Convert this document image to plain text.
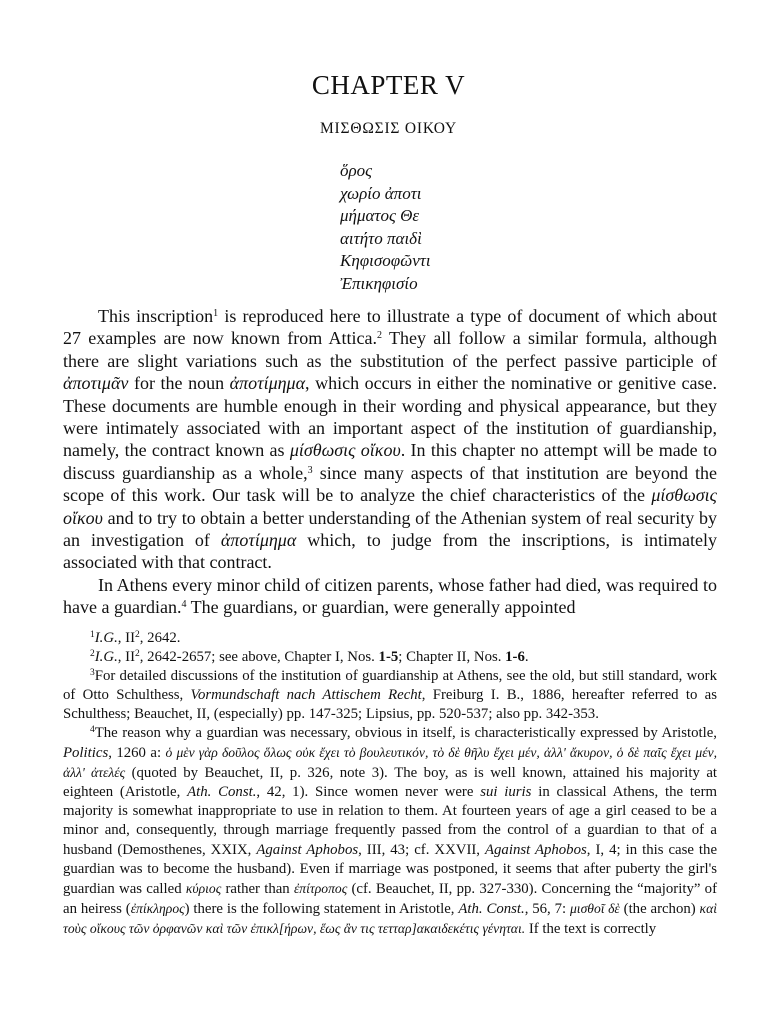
CHAPTER V
ΜΙΣΘΩΣΙΣ ΟΙΚΟΥ
ὅρος
χωρίο ἀποτι
μήματος Θε
αιτήτο παιδὶ
Κηφισοφῶντι
Ἐπικηφισίο

This inscription$^1$ is reproduced here to illustrate a type of document of which about 27 examples are now known from Attica.$^2$ They all follow a similar formula, although there are slight variations such as the substitution of the perfect passive participle of ἀποτιμᾶν for the noun ἀποτίμημα, which occurs in either the nominative or genitive case. These documents are humble enough in their wording and physical appearance, but they were intimately associated with an important aspect of the institution of guardianship, namely, the contract known as μίσθωσις οἴκου. In this chapter no attempt will be made to discuss guardianship as a whole,$^3$ since many aspects of that institution are beyond the scope of this work. Our task will be to analyze the chief characteristics of the μίσθωσις οἴκου and to try to obtain a better understanding of the Athenian system of real security by an investigation of ἀποτίμημα which, to judge from the inscriptions, is intimately associated with that contract.

In Athens every minor child of citizen parents, whose father had died, was required to have a guardian.$^4$ The guardians, or guardian, were generally appointed

$^1$I.G., $II^2$, 2642.

$^2$I.G., $II^2$, 2642-2657; see above, Chapter I, Nos. 1-5; Chapter II, Nos. 1-6.

$^3$For detailed discussions of the institution of guardianship at Athens, see the old, but still standard, work of Otto Schulthess, Vormundschaft nach Attischem Recht, Freiburg I. B., 1886, hereafter referred to as Schulthess; Beauchet, II, (especially) pp. 147-325; Lipsius, pp. 520-537; also pp. 342-353.

$^4$The reason why a guardian was necessary, obvious in itself, is characteristically expressed by Aristotle, Politics, 1260 a: ὁ μὲν γὰρ δοῦλος ὅλως οὐκ ἔχει τὸ βουλευτικόν, τὸ δὲ θῆλυ ἔχει μέν, ἀλλ' ἄκυρον, ὁ δὲ παῖς ἔχει μέν, ἀλλ' ἀτελές (quoted by Beauchet, II, p. 326, note 3). The boy, as is well known, attained his majority at eighteen (Aristotle, Ath. Const., 42, 1). Since women never were sui iuris in classical Athens, the term majority is somewhat inappropriate to use in relation to them. At fourteen years of age a girl ceased to be a minor and, consequently, through marriage frequently passed from the control of a guardian to that of a husband (Demosthenes, XXIX, Against Aphobos, III, 43; cf. XXVII, Against Aphobos, I, 4; in this case the guardian was to become the husband). Even if marriage was postponed, it seems that after puberty the girl's guardian was called κύριος rather than ἐπίτροπος (cf. Beauchet, II, pp. 327-330). Concerning the “majority” of an heiress (ἐπίκληρος) there is the following statement in Aristotle, Ath. Const., 56, 7: μισθοῖ δὲ (the archon) καὶ τοὺς οἴκους τῶν ὀρφανῶν καὶ τῶν ἐπικλ[ήρων, ἕως ἂν τις τετταρ]ακαιδεκέτις γένηται. If the text is correctly
